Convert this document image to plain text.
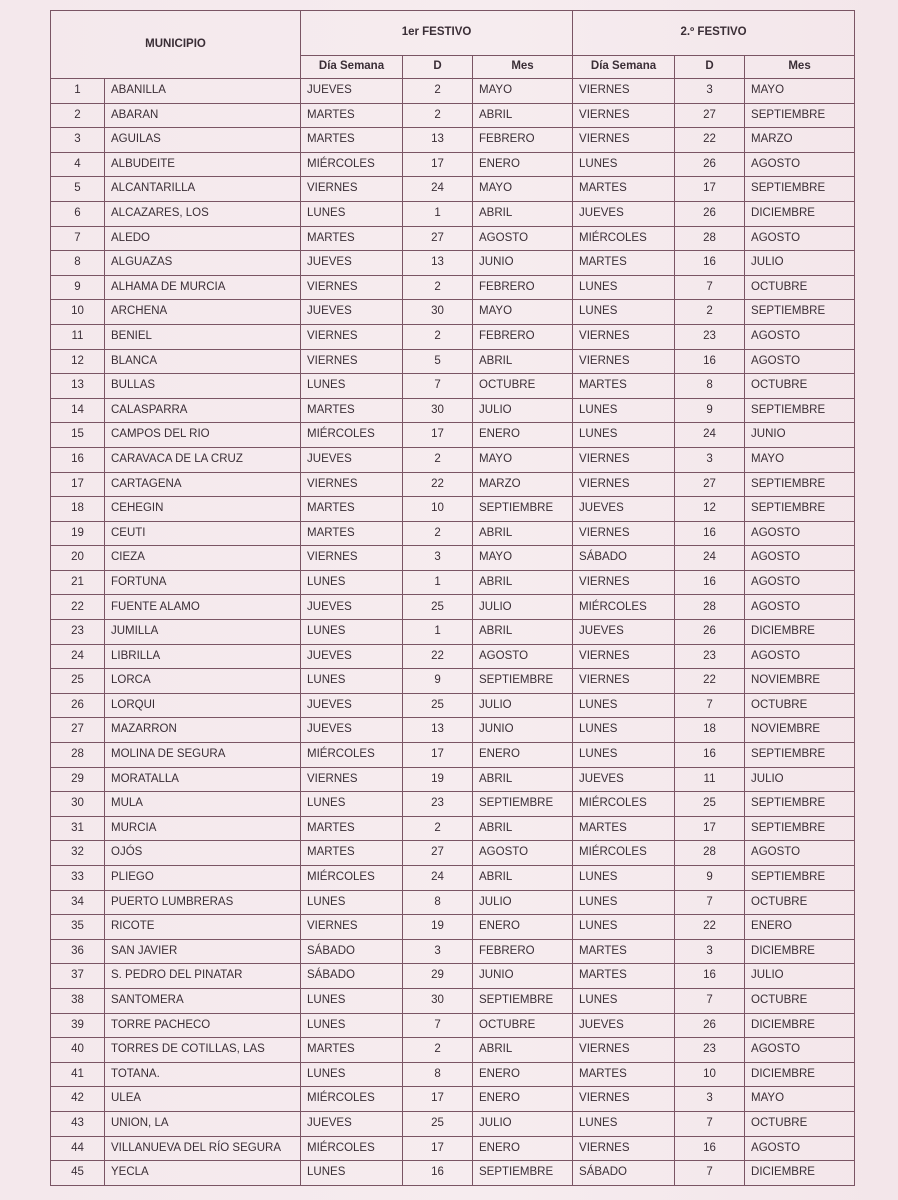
MUNICIPIO		1er FESTIVO			2.º FESTIVO		
		Día Semana	D	Mes	Día Semana	D	Mes
1	ABANILLA	JUEVES	2	MAYO	VIERNES	3	MAYO
2	ABARAN	MARTES	2	ABRIL	VIERNES	27	SEPTIEMBRE
3	AGUILAS	MARTES	13	FEBRERO	VIERNES	22	MARZO
4	ALBUDEITE	MIÉRCOLES	17	ENERO	LUNES	26	AGOSTO
5	ALCANTARILLA	VIERNES	24	MAYO	MARTES	17	SEPTIEMBRE
6	ALCAZARES, LOS	LUNES	1	ABRIL	JUEVES	26	DICIEMBRE
7	ALEDO	MARTES	27	AGOSTO	MIÉRCOLES	28	AGOSTO
8	ALGUAZAS	JUEVES	13	JUNIO	MARTES	16	JULIO
9	ALHAMA DE MURCIA	VIERNES	2	FEBRERO	LUNES	7	OCTUBRE
10	ARCHENA	JUEVES	30	MAYO	LUNES	2	SEPTIEMBRE
11	BENIEL	VIERNES	2	FEBRERO	VIERNES	23	AGOSTO
12	BLANCA	VIERNES	5	ABRIL	VIERNES	16	AGOSTO
13	BULLAS	LUNES	7	OCTUBRE	MARTES	8	OCTUBRE
14	CALASPARRA	MARTES	30	JULIO	LUNES	9	SEPTIEMBRE
15	CAMPOS DEL RIO	MIÉRCOLES	17	ENERO	LUNES	24	JUNIO
16	CARAVACA DE LA CRUZ	JUEVES	2	MAYO	VIERNES	3	MAYO
17	CARTAGENA	VIERNES	22	MARZO	VIERNES	27	SEPTIEMBRE
18	CEHEGIN	MARTES	10	SEPTIEMBRE	JUEVES	12	SEPTIEMBRE
19	CEUTI	MARTES	2	ABRIL	VIERNES	16	AGOSTO
20	CIEZA	VIERNES	3	MAYO	SÁBADO	24	AGOSTO
21	FORTUNA	LUNES	1	ABRIL	VIERNES	16	AGOSTO
22	FUENTE ALAMO	JUEVES	25	JULIO	MIÉRCOLES	28	AGOSTO
23	JUMILLA	LUNES	1	ABRIL	JUEVES	26	DICIEMBRE
24	LIBRILLA	JUEVES	22	AGOSTO	VIERNES	23	AGOSTO
25	LORCA	LUNES	9	SEPTIEMBRE	VIERNES	22	NOVIEMBRE
26	LORQUI	JUEVES	25	JULIO	LUNES	7	OCTUBRE
27	MAZARRON	JUEVES	13	JUNIO	LUNES	18	NOVIEMBRE
28	MOLINA DE SEGURA	MIÉRCOLES	17	ENERO	LUNES	16	SEPTIEMBRE
29	MORATALLA	VIERNES	19	ABRIL	JUEVES	11	JULIO
30	MULA	LUNES	23	SEPTIEMBRE	MIÉRCOLES	25	SEPTIEMBRE
31	MURCIA	MARTES	2	ABRIL	MARTES	17	SEPTIEMBRE
32	OJÓS	MARTES	27	AGOSTO	MIÉRCOLES	28	AGOSTO
33	PLIEGO	MIÉRCOLES	24	ABRIL	LUNES	9	SEPTIEMBRE
34	PUERTO LUMBRERAS	LUNES	8	JULIO	LUNES	7	OCTUBRE
35	RICOTE	VIERNES	19	ENERO	LUNES	22	ENERO
36	SAN JAVIER	SÁBADO	3	FEBRERO	MARTES	3	DICIEMBRE
37	S. PEDRO DEL PINATAR	SÁBADO	29	JUNIO	MARTES	16	JULIO
38	SANTOMERA	LUNES	30	SEPTIEMBRE	LUNES	7	OCTUBRE
39	TORRE PACHECO	LUNES	7	OCTUBRE	JUEVES	26	DICIEMBRE
40	TORRES DE COTILLAS, LAS	MARTES	2	ABRIL	VIERNES	23	AGOSTO
41	TOTANA.	LUNES	8	ENERO	MARTES	10	DICIEMBRE
42	ULEA	MIÉRCOLES	17	ENERO	VIERNES	3	MAYO
43	UNION, LA	JUEVES	25	JULIO	LUNES	7	OCTUBRE
44	VILLANUEVA DEL RÍO SEGURA	MIÉRCOLES	17	ENERO	VIERNES	16	AGOSTO
45	YECLA	LUNES	16	SEPTIEMBRE	SÁBADO	7	DICIEMBRE
